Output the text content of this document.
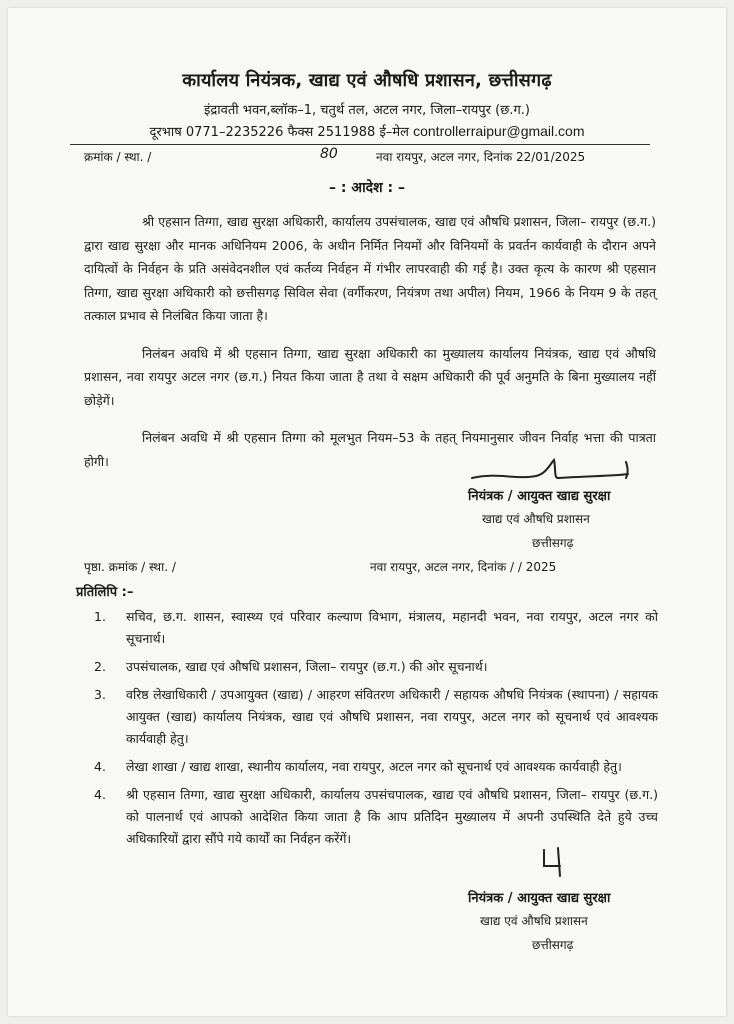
कार्यालय नियंत्रक, खाद्य एवं औषधि प्रशासन, छत्तीसगढ़
इंद्रावती भवन,ब्लॉक–1, चतुर्थ तल, अटल नगर, जिला–रायपुर (छ.ग.)
दूरभाष 0771–2235226 फैक्स 2511988 ई–मेल controllerraipur@gmail.com
क्रमांक / स्था. /	80	नवा रायपुर, अटल नगर, दिनांक 22/01/2025
– : आदेश : –

श्री एहसान तिग्गा, खाद्य सुरक्षा अधिकारी, कार्यालय उपसंचालक, खाद्य एवं औषधि प्रशासन, जिला– रायपुर (छ.ग.) द्वारा खाद्य सुरक्षा और मानक अधिनियम 2006, के अधीन निर्मित नियमों और विनियमों के प्रवर्तन कार्यवाही के दौरान अपने दायित्वों के निर्वहन के प्रति असंवेदनशील एवं कर्तव्य निर्वहन में गंभीर लापरवाही की गई है। उक्त कृत्य के कारण श्री एहसान तिग्गा, खाद्य सुरक्षा अधिकारी को छत्तीसगढ़ सिविल सेवा (वर्गीकरण, नियंत्रण तथा अपील) नियम, 1966 के नियम 9 के तहत् तत्काल प्रभाव से निलंबित किया जाता है।

निलंबन अवधि में श्री एहसान तिग्गा, खाद्य सुरक्षा अधिकारी का मुख्यालय कार्यालय नियंत्रक, खाद्य एवं औषधि प्रशासन, नवा रायपुर अटल नगर (छ.ग.) नियत किया जाता है तथा वे सक्षम अधिकारी की पूर्व अनुमति के बिना मुख्यालय नहीं छोड़ेगें।

निलंबन अवधि में श्री एहसान तिग्गा को मूलभुत नियम–53 के तहत् नियमानुसार जीवन निर्वाह भत्ता की पात्रता होगी।

नियंत्रक / आयुक्त खाद्य सुरक्षा
खाद्य एवं औषधि प्रशासन
छत्तीसगढ़
पृष्ठा. क्रमांक / स्था. /	नवा रायपुर, अटल नगर, दिनांक / / 2025
प्रतिलिपि :–
1. सचिव, छ.ग. शासन, स्वास्थ्य एवं परिवार कल्याण विभाग, मंत्रालय, महानदी भवन, नवा रायपुर, अटल नगर को सूचनार्थ।
2. उपसंचालक, खाद्य एवं औषधि प्रशासन, जिला– रायपुर (छ.ग.) की ओर सूचनार्थ।
3. वरिष्ठ लेखाधिकारी / उपआयुक्त (खाद्य) / आहरण संवितरण अधिकारी / सहायक औषधि नियंत्रक (स्थापना) / सहायक आयुक्त (खाद्य) कार्यालय नियंत्रक, खाद्य एवं औषधि प्रशासन, नवा रायपुर, अटल नगर को सूचनार्थ एवं आवश्यक कार्यवाही हेतु।
4. लेखा शाखा / खाद्य शाखा, स्थानीय कार्यालय, नवा रायपुर, अटल नगर को सूचनार्थ एवं आवश्यक कार्यवाही हेतु।
4. श्री एहसान तिग्गा, खाद्य सुरक्षा अधिकारी, कार्यालय उपसंचपालक, खाद्य एवं औषधि प्रशासन, जिला– रायपुर (छ.ग.) को पालनार्थ एवं आपको आदेशित किया जाता है कि आप प्रतिदिन मुख्यालय में अपनी उपस्थिति देते हुये उच्च अधिकारियों द्वारा सौंपे गये कार्यों का निर्वहन करेंगें।
नियंत्रक / आयुक्त खाद्य सुरक्षा
खाद्य एवं औषधि प्रशासन
छत्तीसगढ़
